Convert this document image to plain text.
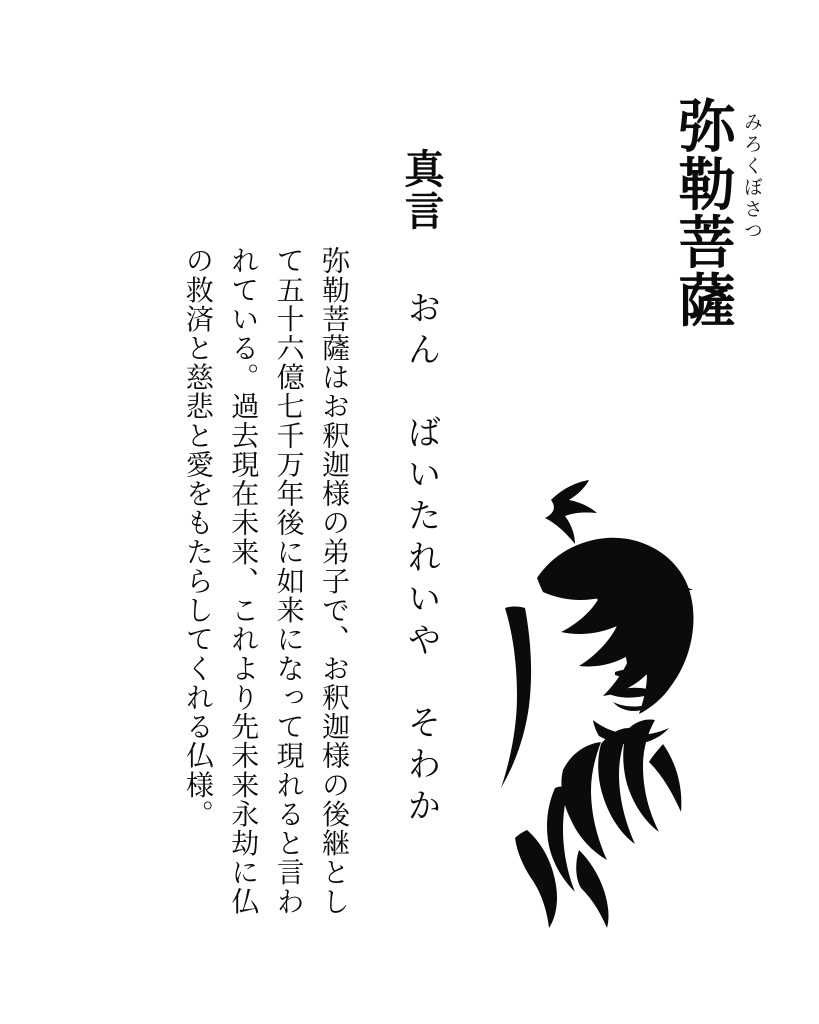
弥勒菩薩 みろくぼさつ
真言
おん　ばいたれいや　そわか
弥勒菩薩はお釈迦様の弟子で、お釈迦様の後継として五十六億七千万年後に如来になって現れると言われている。過去現在未来、これより先未来永劫に仏の救済と慈悲と愛をもたらしてくれる仏様。
